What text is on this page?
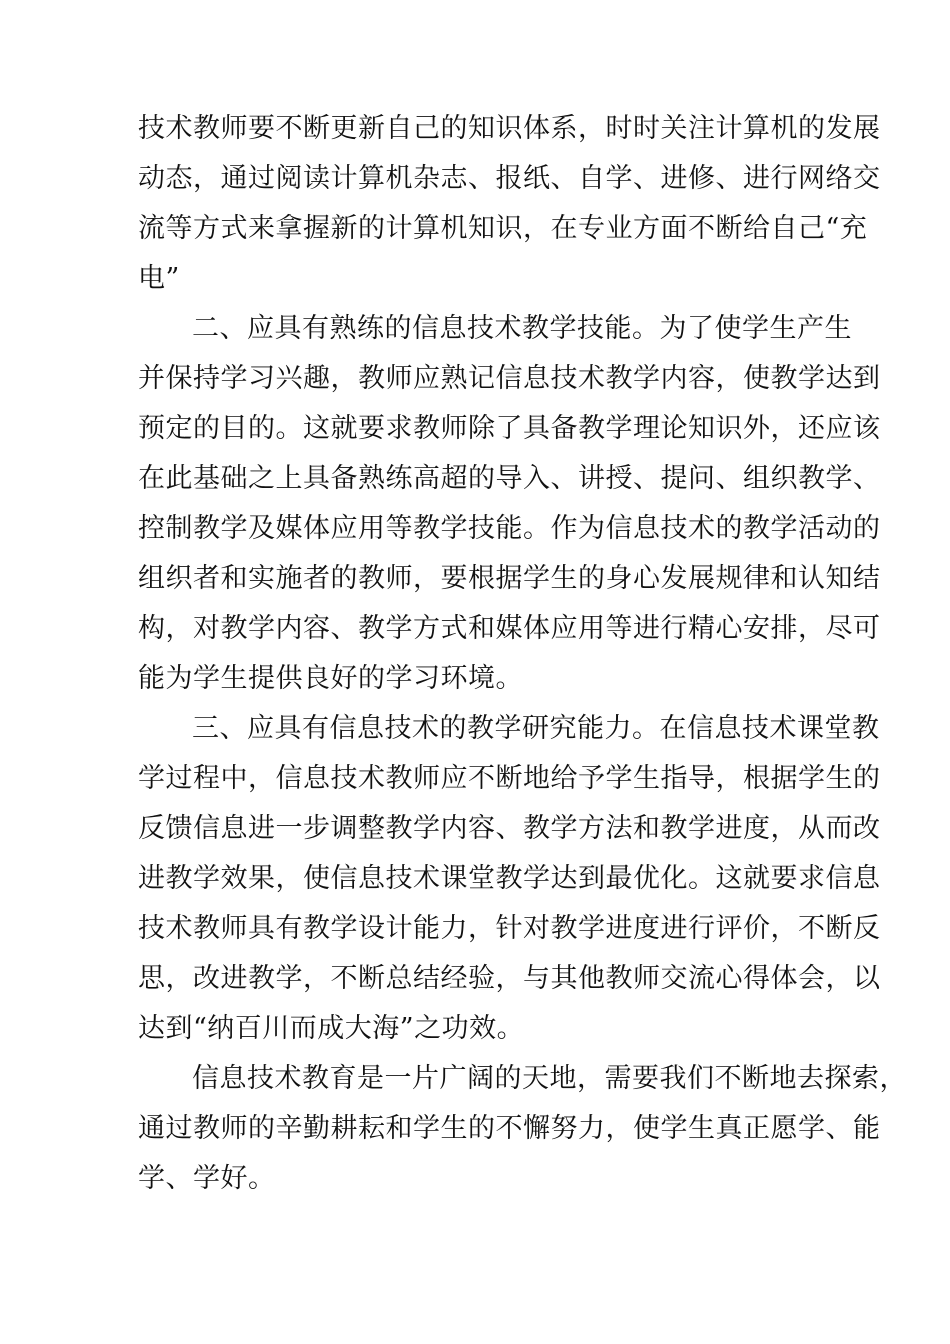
技术教师要不断更新自己的知识体系，时时关注计算机的发展
动态，通过阅读计算机杂志、报纸、自学、进修、进行网络交
流等方式来拿握新的计算机知识，在专业方面不断给自己“充
电”
二、应具有熟练的信息技术教学技能。为了使学生产生
并保持学习兴趣，教师应熟记信息技术教学内容，使教学达到
预定的目的。这就要求教师除了具备教学理论知识外，还应该
在此基础之上具备熟练高超的导入、讲授、提问、组织教学、
控制教学及媒体应用等教学技能。作为信息技术的教学活动的
组织者和实施者的教师，要根据学生的身心发展规律和认知结
构，对教学内容、教学方式和媒体应用等进行精心安排，尽可
能为学生提供良好的学习环境。
三、应具有信息技术的教学研究能力。在信息技术课堂教
学过程中，信息技术教师应不断地给予学生指导，根据学生的
反馈信息进一步调整教学内容、教学方法和教学进度，从而改
进教学效果，使信息技术课堂教学达到最优化。这就要求信息
技术教师具有教学设计能力，针对教学进度进行评价，不断反
思，改进教学，不断总结经验，与其他教师交流心得体会，以
达到“纳百川而成大海”之功效。
信息技术教育是一片广阔的天地，需要我们不断地去探索，
通过教师的辛勤耕耘和学生的不懈努力，使学生真正愿学、能
学、学好。
